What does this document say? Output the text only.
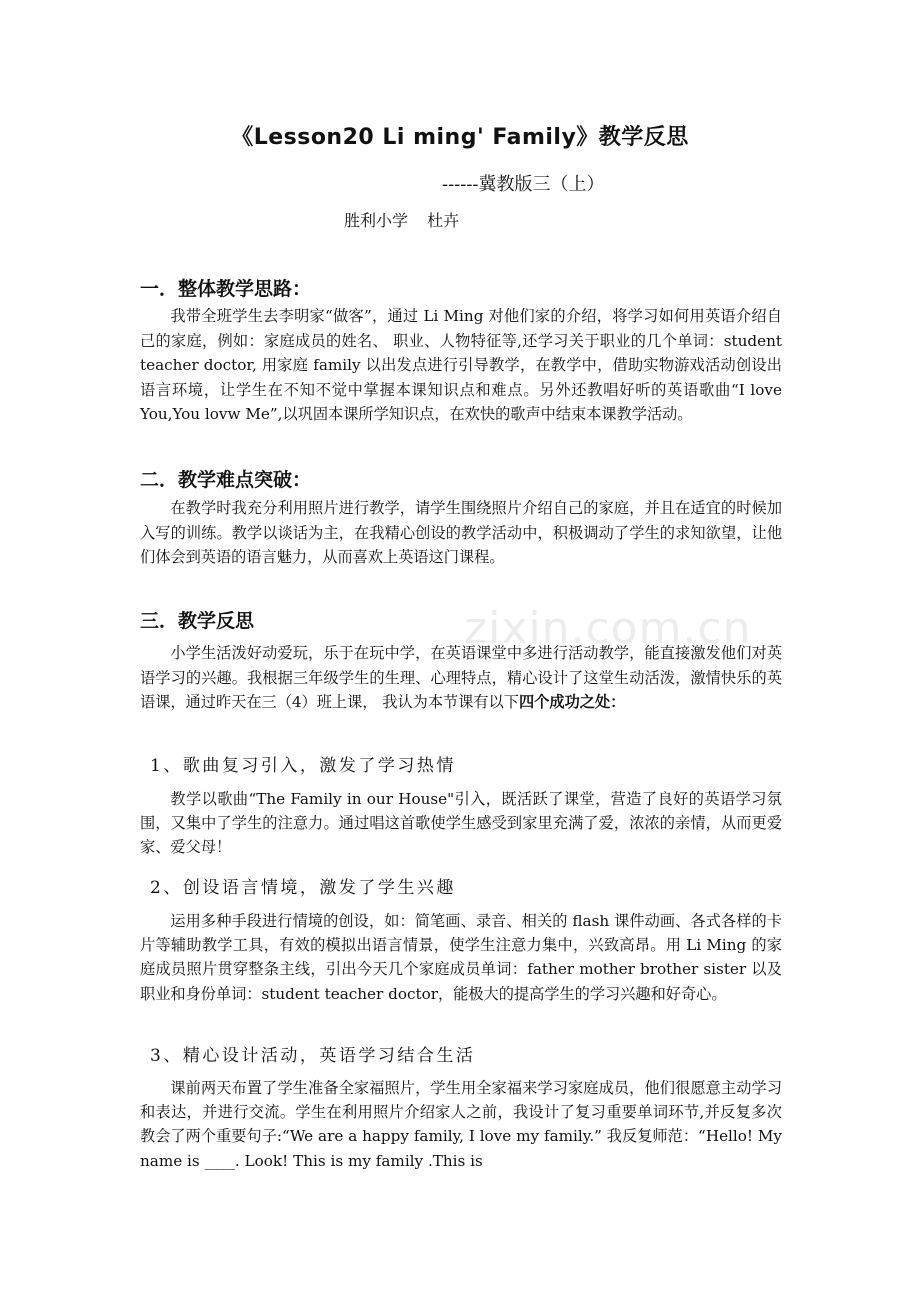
zixin.com.cn
《Lesson20 Li ming' Family》教学反思
------冀教版三（上）
胜利小学 杜卉
一．整体教学思路：
我带全班学生去李明家“做客”，通过 Li Ming 对他们家的介绍，将学习如何用英语介绍自己的家庭，例如：家庭成员的姓名、 职业、人物特征等,还学习关于职业的几个单词：student teacher doctor, 用家庭 family 以出发点进行引导教学，在教学中，借助实物游戏活动创设出语言环境，让学生在不知不觉中掌握本课知识点和难点。另外还教唱好听的英语歌曲“I love You,You lovw Me”,以巩固本课所学知识点，在欢快的歌声中结束本课教学活动。
二．教学难点突破：
在教学时我充分利用照片进行教学，请学生围绕照片介绍自己的家庭，并且在适宜的时候加入写的训练。教学以谈话为主，在我精心创设的教学活动中，积极调动了学生的求知欲望，让他们体会到英语的语言魅力，从而喜欢上英语这门课程。
三．教学反思
小学生活泼好动爱玩，乐于在玩中学，在英语课堂中多进行活动教学，能直接激发他们对英语学习的兴趣。我根据三年级学生的生理、心理特点，精心设计了这堂生动活泼，激情快乐的英语课，通过昨天在三（4）班上课， 我认为本节课有以下四个成功之处：
1、歌曲复习引入，激发了学习热情
教学以歌曲“The Family in our House"引入，既活跃了课堂，营造了良好的英语学习氛围，又集中了学生的注意力。通过唱这首歌使学生感受到家里充满了爱，浓浓的亲情，从而更爱家、爱父母！
2、创设语言情境，激发了学生兴趣
运用多种手段进行情境的创设，如：简笔画、录音、相关的 flash 课件动画、各式各样的卡片等辅助教学工具，有效的模拟出语言情景，使学生注意力集中，兴致高昂。用 Li Ming 的家庭成员照片贯穿整条主线，引出今天几个家庭成员单词：father mother brother sister 以及职业和身份单词：student teacher doctor，能极大的提高学生的学习兴趣和好奇心。
3、精心设计活动，英语学习结合生活
课前两天布置了学生准备全家福照片，学生用全家福来学习家庭成员，他们很愿意主动学习和表达，并进行交流。学生在利用照片介绍家人之前，我设计了复习重要单词环节,并反复多次教会了两个重要句子:“We are a happy family, I love my family.” 我反复师范：“Hello! My name is ____. Look! This is my family .This is
